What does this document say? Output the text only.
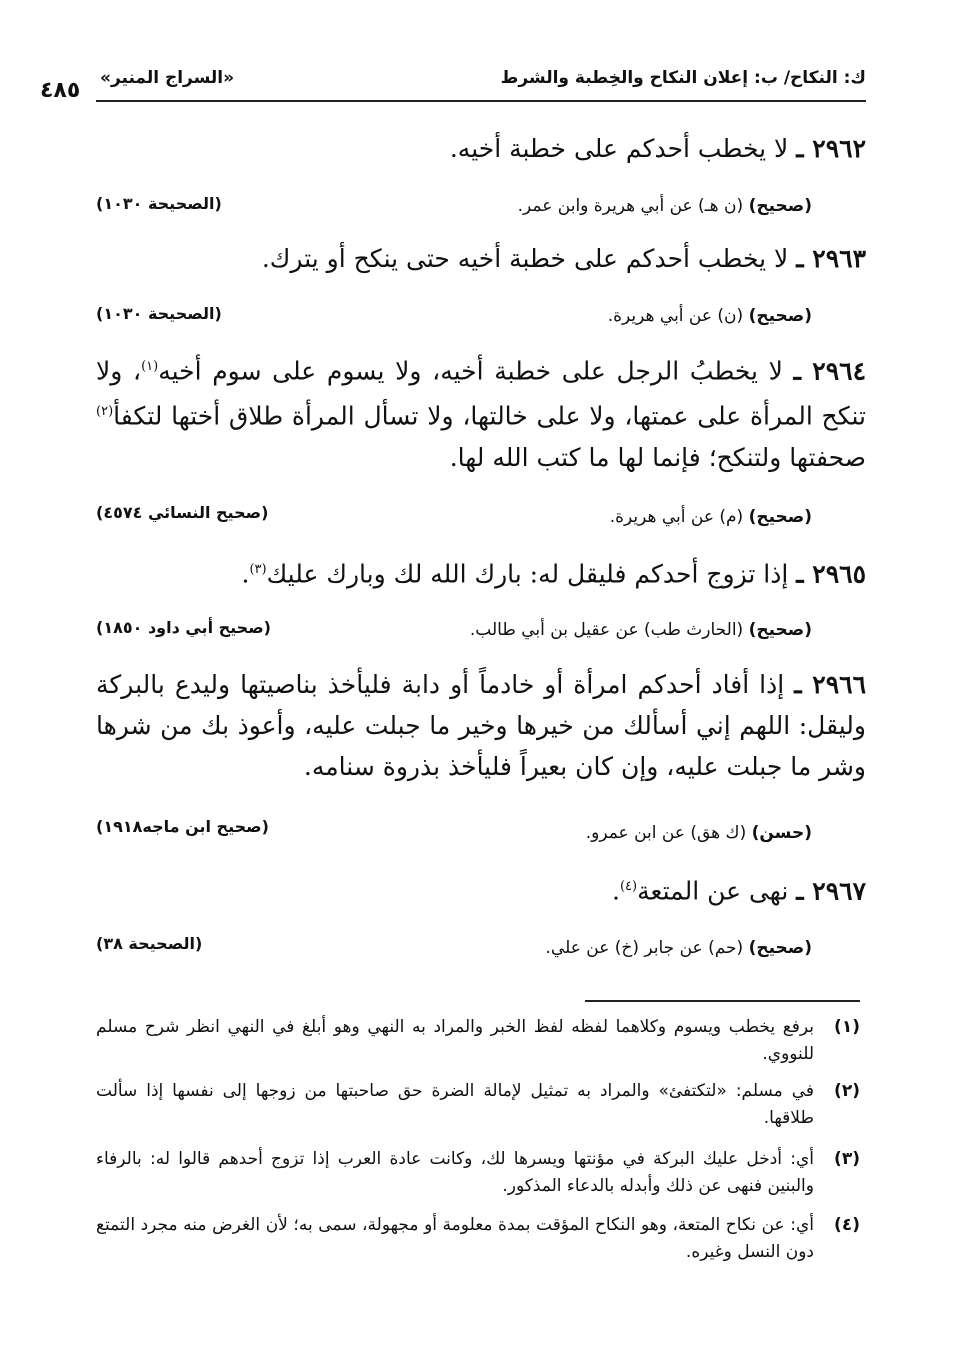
ك: النكاح/ ب: إعلان النكاح والخِطبة والشرط
«السراج المنير»
٤٨٥
٢٩٦٢ ـ لا يخطب أحدكم على خطبة أخيه.
(صحيح) (ن هـ) عن أبي هريرة وابن عمر.
(الصحيحة ١٠٣٠)
٢٩٦٣ ـ لا يخطب أحدكم على خطبة أخيه حتى ينكح أو يترك.
(صحيح) (ن) عن أبي هريرة.
(الصحيحة ١٠٣٠)
٢٩٦٤ ـ لا يخطبُ الرجل على خطبة أخيه، ولا يسوم على سوم أخيه$^{(١)}$، ولا تنكح المرأة على عمتها، ولا على خالتها، ولا تسأل المرأة طلاق أختها لتكفأ$^{(٢)}$ صحفتها ولتنكح؛ فإنما لها ما كتب الله لها.
(صحيح) (م) عن أبي هريرة.
(صحيح النسائي ٤٥٧٤)
٢٩٦٥ ـ إذا تزوج أحدكم فليقل له: بارك الله لك وبارك عليك$^{(٣)}$.
(صحيح) (الحارث طب) عن عقيل بن أبي طالب.
(صحيح أبي داود ١٨٥٠)
٢٩٦٦ ـ إذا أفاد أحدكم امرأة أو خادماً أو دابة فليأخذ بناصيتها وليدع بالبركة وليقل: اللهم إني أسألك من خيرها وخير ما جبلت عليه، وأعوذ بك من شرها وشر ما جبلت عليه، وإن كان بعيراً فليأخذ بذروة سنامه.
(حسن) (ك هق) عن ابن عمرو.
(صحيح ابن ماجه١٩١٨)
٢٩٦٧ ـ نهى عن المتعة$^{(٤)}$.
(صحيح) (حم) عن جابر (خ) عن علي.
(الصحيحة ٣٨)
(١)
برفع يخطب ويسوم وكلاهما لفظه لفظ الخبر والمراد به النهي وهو أبلغ في النهي انظر شرح مسلم للنووي.
(٢)
في مسلم: «لتكتفئ» والمراد به تمثيل لإمالة الضرة حق صاحبتها من زوجها إلى نفسها إذا سألت طلاقها.
(٣)
أي: أدخل عليك البركة في مؤنتها ويسرها لك، وكانت عادة العرب إذا تزوج أحدهم قالوا له: بالرفاء والبنين فنهى عن ذلك وأبدله بالدعاء المذكور.
(٤)
أي: عن نكاح المتعة، وهو النكاح المؤقت بمدة معلومة أو مجهولة، سمى به؛ لأن الغرض منه مجرد التمتع دون النسل وغيره.
